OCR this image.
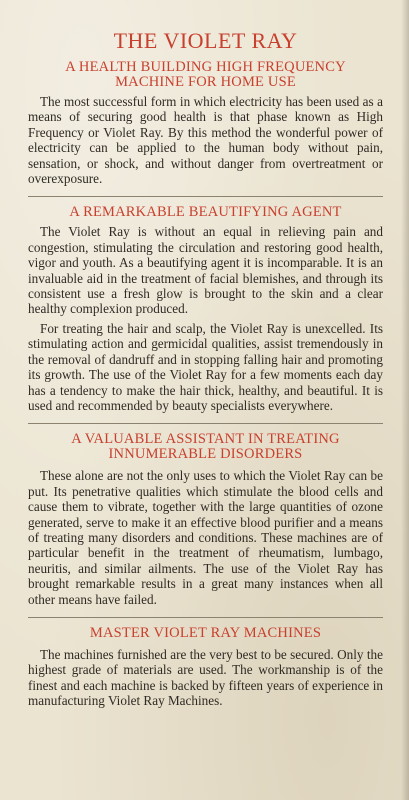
THE VIOLET RAY
A HEALTH BUILDING HIGH FREQUENCY
MACHINE FOR HOME USE

The most successful form in which electricity has been used as a means of securing good health is that phase known as High Frequency or Violet Ray. By this method the wonderful power of electricity can be applied to the human body without pain, sensation, or shock, and without danger from overtreatment or overexposure.

A REMARKABLE BEAUTIFYING AGENT

The Violet Ray is without an equal in relieving pain and congestion, stimulating the circulation and restoring good health, vigor and youth. As a beautifying agent it is incomparable. It is an invaluable aid in the treatment of facial blemishes, and through its consistent use a fresh glow is brought to the skin and a clear healthy complexion produced.

For treating the hair and scalp, the Violet Ray is unexcelled. Its stimulating action and germicidal qualities, assist tremendously in the removal of dandruff and in stopping falling hair and promoting its growth. The use of the Violet Ray for a few moments each day has a tendency to make the hair thick, healthy, and beautiful. It is used and recommended by beauty specialists everywhere.

A VALUABLE ASSISTANT IN TREATING
INNUMERABLE DISORDERS

These alone are not the only uses to which the Violet Ray can be put. Its penetrative qualities which stimulate the blood cells and cause them to vibrate, together with the large quantities of ozone generated, serve to make it an effective blood purifier and a means of treating many disorders and conditions. These machines are of particular benefit in the treatment of rheumatism, lumbago, neuritis, and similar ailments. The use of the Violet Ray has brought remarkable results in a great many instances when all other means have failed.

MASTER VIOLET RAY MACHINES

The machines furnished are the very best to be secured. Only the highest grade of materials are used. The workmanship is of the finest and each machine is backed by fifteen years of experience in manufacturing Violet Ray Machines.
